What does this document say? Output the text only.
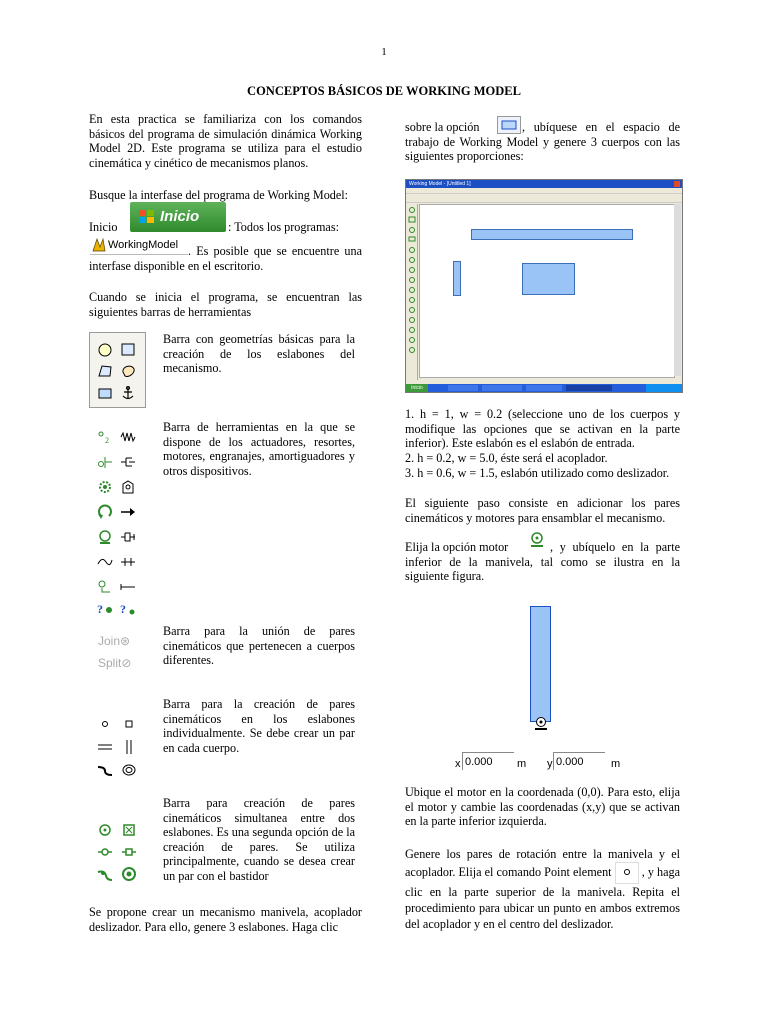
1
CONCEPTOS BÁSICOS DE WORKING MODEL
En esta practica se familiariza con los comandos básicos del programa de simulación dinámica Working Model 2D. Este programa se utiliza para el estudio cinemática y cinético de mecanismos planos.
Busque la interfase del programa de Working Model:
Inicio
Inicio
: Todos los programas:
WorkingModel . Es posible que se encuentre una interfase disponible en el escritorio.
Cuando se inicia el programa, se encuentran las siguientes barras de herramientas
Barra con geometrías básicas para la creación de los eslabones del mecanismo.
2
? ?
Barra de herramientas en la que se dispone de los actuadores, resortes, motores, engranajes, amortiguadores y otros dispositivos.
Join⊛
Split⊘
Barra para la unión de pares cinemáticos que pertenecen a cuerpos diferentes.
Barra para la creación de pares cinemáticos en los eslabones individualmente. Se debe crear un par en cada cuerpo.
Barra para creación de pares cinemáticos simultanea entre dos eslabones. Es una segunda opción de la creación de pares. Se utiliza principalmente, cuando se desea crear un par con el bastidor
Se propone crear un mecanismo manivela, acoplador deslizador. Para ello, genere 3 eslabones. Haga clic
sobre la opción	, ubíquese en el espacio de trabajo de Working Model y genere 3 cuerpos con las siguientes proporciones:
Working Model - [Untitled 1]
Inicio
1. h = 1, w = 0.2 (seleccione uno de los cuerpos y modifique las opciones que se activan en la parte inferior). Este eslabón es el eslabón de entrada.
2. h = 0.2, w = 5.0, éste será el acoplador.
3. h = 0.6, w = 1.5, eslabón utilizado como deslizador.
El siguiente paso consiste en adicionar los pares cinemáticos y motores para ensamblar el mecanismo.
Elija la opción motor	, y ubíquelo en la parte inferior de la manivela, tal como se ilustra en la siguiente figura.
x 0.000	m y 0.000	m
Ubique el motor en la coordenada (0,0). Para esto, elija el motor y cambie las coordenadas (x,y) que se activan en la parte inferior izquierda.
Genere los pares de rotación entre la manivela y el acoplador. Elija el comando Point element , y haga clic en la parte superior de la manivela. Repita el procedimiento para ubicar un punto en ambos extremos del acoplador y en el centro del deslizador.
